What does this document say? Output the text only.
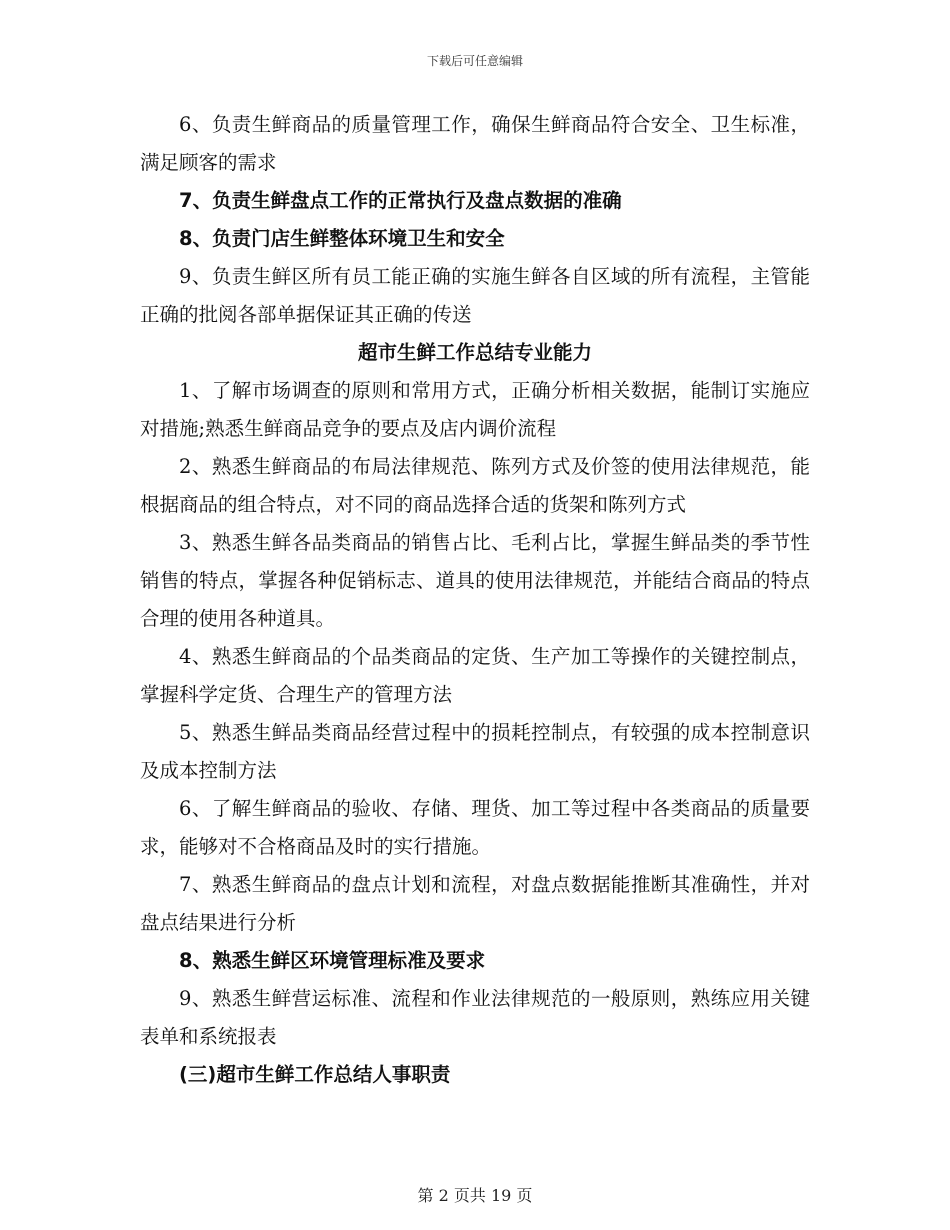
下载后可任意编辑

6、负责生鲜商品的质量管理工作，确保生鲜商品符合安全、卫生标准，满足顾客的需求

7、负责生鲜盘点工作的正常执行及盘点数据的准确

8、负责门店生鲜整体环境卫生和安全

9、负责生鲜区所有员工能正确的实施生鲜各自区域的所有流程，主管能正确的批阅各部单据保证其正确的传送

超市生鲜工作总结专业能力

1、了解市场调查的原则和常用方式，正确分析相关数据，能制订实施应对措施;熟悉生鲜商品竞争的要点及店内调价流程

2、熟悉生鲜商品的布局法律规范、陈列方式及价签的使用法律规范，能根据商品的组合特点，对不同的商品选择合适的货架和陈列方式

3、熟悉生鲜各品类商品的销售占比、毛利占比，掌握生鲜品类的季节性销售的特点，掌握各种促销标志、道具的使用法律规范，并能结合商品的特点合理的使用各种道具。

4、熟悉生鲜商品的个品类商品的定货、生产加工等操作的关键控制点，掌握科学定货、合理生产的管理方法

5、熟悉生鲜品类商品经营过程中的损耗控制点，有较强的成本控制意识及成本控制方法

6、了解生鲜商品的验收、存储、理货、加工等过程中各类商品的质量要求，能够对不合格商品及时的实行措施。

7、熟悉生鲜商品的盘点计划和流程，对盘点数据能推断其准确性，并对盘点结果进行分析

8、熟悉生鲜区环境管理标准及要求

9、熟悉生鲜营运标准、流程和作业法律规范的一般原则，熟练应用关键表单和系统报表

(三)超市生鲜工作总结人事职责

第 2 页共 19 页
